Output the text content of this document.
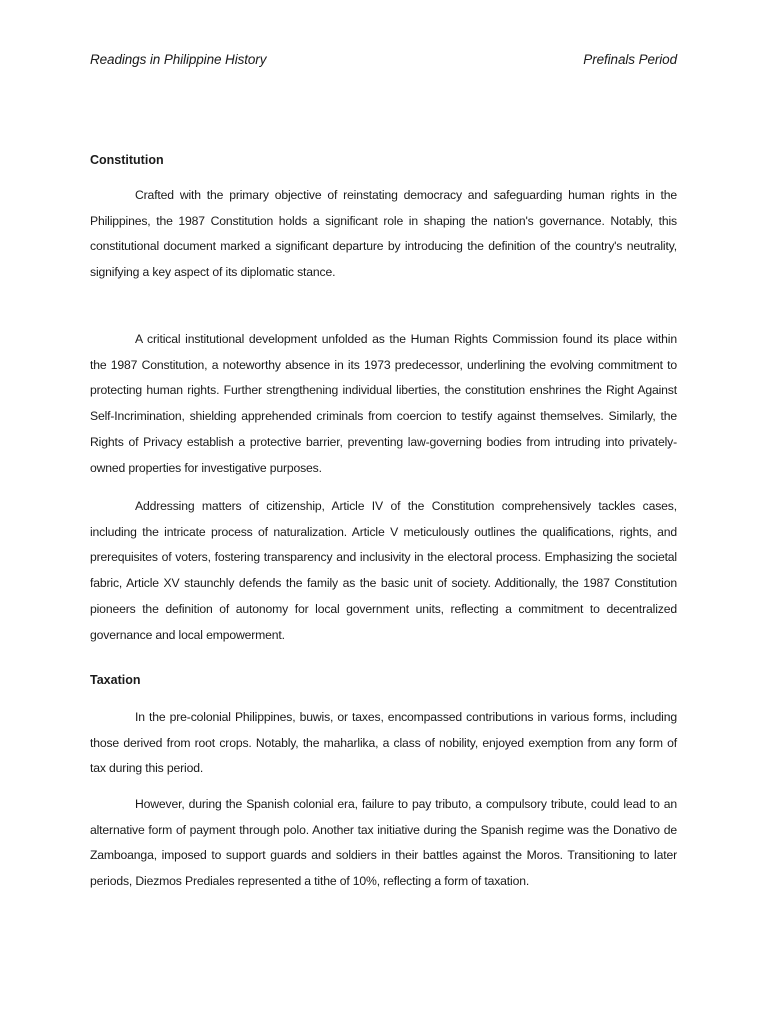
Readings in Philippine History	Prefinals Period
Constitution

Crafted with the primary objective of reinstating democracy and safeguarding human rights in the Philippines, the 1987 Constitution holds a significant role in shaping the nation's governance. Notably, this constitutional document marked a significant departure by introducing the definition of the country's neutrality, signifying a key aspect of its diplomatic stance.

A critical institutional development unfolded as the Human Rights Commission found its place within the 1987 Constitution, a noteworthy absence in its 1973 predecessor, underlining the evolving commitment to protecting human rights. Further strengthening individual liberties, the constitution enshrines the Right Against Self-Incrimination, shielding apprehended criminals from coercion to testify against themselves. Similarly, the Rights of Privacy establish a protective barrier, preventing law-governing bodies from intruding into privately-owned properties for investigative purposes.

Addressing matters of citizenship, Article IV of the Constitution comprehensively tackles cases, including the intricate process of naturalization. Article V meticulously outlines the qualifications, rights, and prerequisites of voters, fostering transparency and inclusivity in the electoral process. Emphasizing the societal fabric, Article XV staunchly defends the family as the basic unit of society. Additionally, the 1987 Constitution pioneers the definition of autonomy for local government units, reflecting a commitment to decentralized governance and local empowerment.

Taxation

In the pre-colonial Philippines, buwis, or taxes, encompassed contributions in various forms, including those derived from root crops. Notably, the maharlika, a class of nobility, enjoyed exemption from any form of tax during this period.

However, during the Spanish colonial era, failure to pay tributo, a compulsory tribute, could lead to an alternative form of payment through polo. Another tax initiative during the Spanish regime was the Donativo de Zamboanga, imposed to support guards and soldiers in their battles against the Moros. Transitioning to later periods, Diezmos Prediales represented a tithe of 10%, reflecting a form of taxation.
